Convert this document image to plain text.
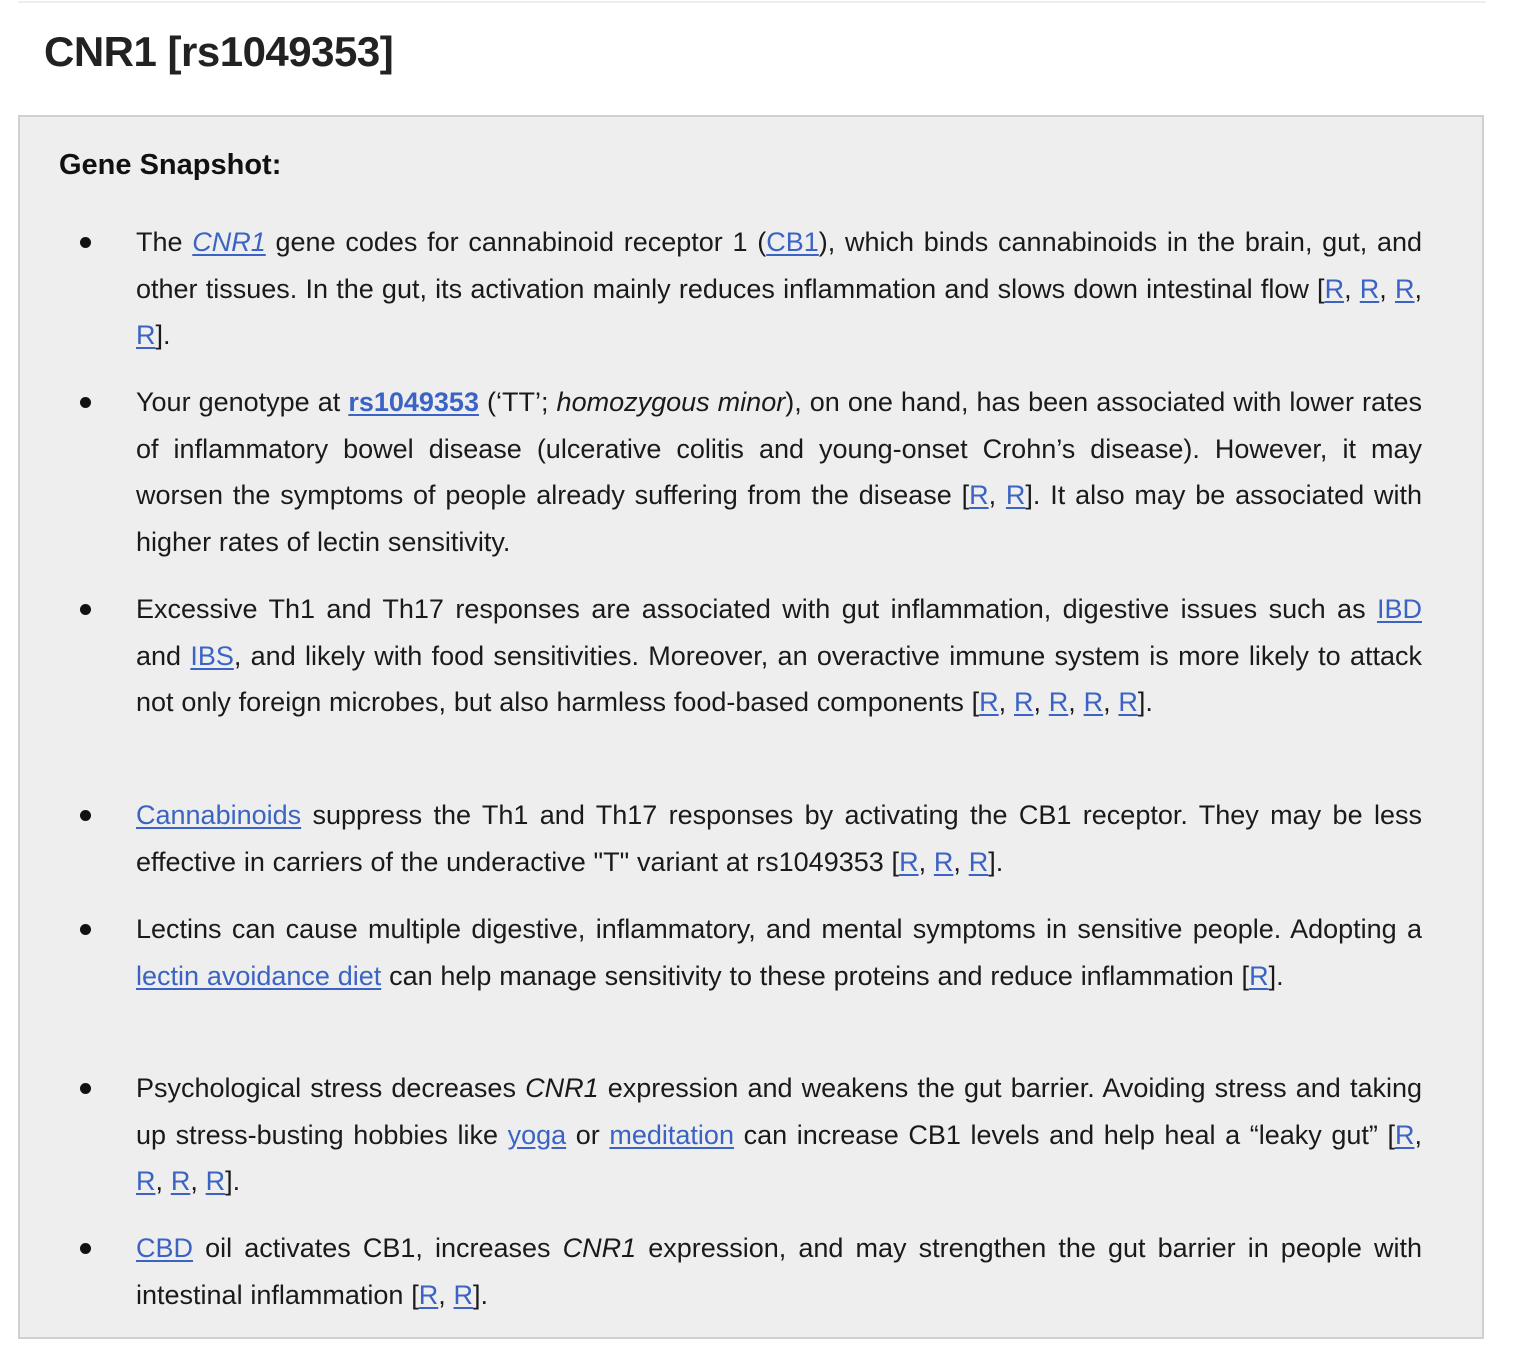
CNR1 [rs1049353]
Gene Snapshot:
The CNR1 gene codes for cannabinoid receptor 1 (CB1), which binds cannabinoids in the brain, gut, and other tissues. In the gut, its activation mainly reduces inflammation and slows down intestinal flow [R, R, R, R].
Your genotype at rs1049353 (‘TT’; homozygous minor), on one hand, has been associated with lower rates of inflammatory bowel disease (ulcerative colitis and young-onset Crohn’s disease). However, it may worsen the symptoms of people already suffering from the disease [R, R]. It also may be associated with higher rates of lectin sensitivity.
Excessive Th1 and Th17 responses are associated with gut inflammation, digestive issues such as IBD and IBS, and likely with food sensitivities. Moreover, an overactive immune system is more likely to attack not only foreign microbes, but also harmless food-based components [R, R, R, R, R].
Cannabinoids suppress the Th1 and Th17 responses by activating the CB1 receptor. They may be less effective in carriers of the underactive "T" variant at rs1049353 [R, R, R].
Lectins can cause multiple digestive, inflammatory, and mental symptoms in sensitive people. Adopting a lectin avoidance diet can help manage sensitivity to these proteins and reduce inflammation [R].
Psychological stress decreases CNR1 expression and weakens the gut barrier. Avoiding stress and taking up stress-busting hobbies like yoga or meditation can increase CB1 levels and help heal a “leaky gut” [R, R, R, R].
CBD oil activates CB1, increases CNR1 expression, and may strengthen the gut barrier in people with intestinal inflammation [R, R].
